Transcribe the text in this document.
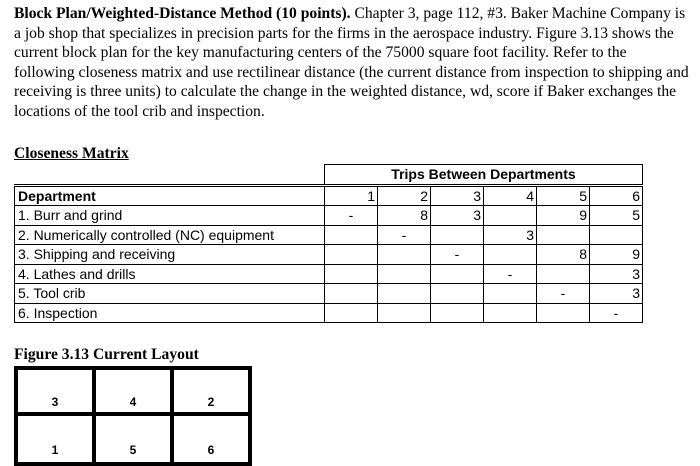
Block Plan/Weighted-Distance Method (10 points). Chapter 3, page 112, #3. Baker Machine Company is a job shop that specializes in precision parts for the firms in the aerospace industry. Figure 3.13 shows the current block plan for the key manufacturing centers of the 75000 square foot facility. Refer to the following closeness matrix and use rectilinear distance (the current distance from inspection to shipping and receiving is three units) to calculate the change in the weighted distance, wd, score if Baker exchanges the locations of the tool crib and inspection.

Closeness Matrix
	Trips Between Departments					
Department	1	2	3	4	5	6
1. Burr and grind	-	8	3		9	5
2. Numerically controlled (NC) equipment		-		3		
3. Shipping and receiving			-		8	9
4. Lathes and drills				-		3
5. Tool crib					-	3
6. Inspection						-
Figure 3.13 Current Layout
3	4	2
1	5	6
